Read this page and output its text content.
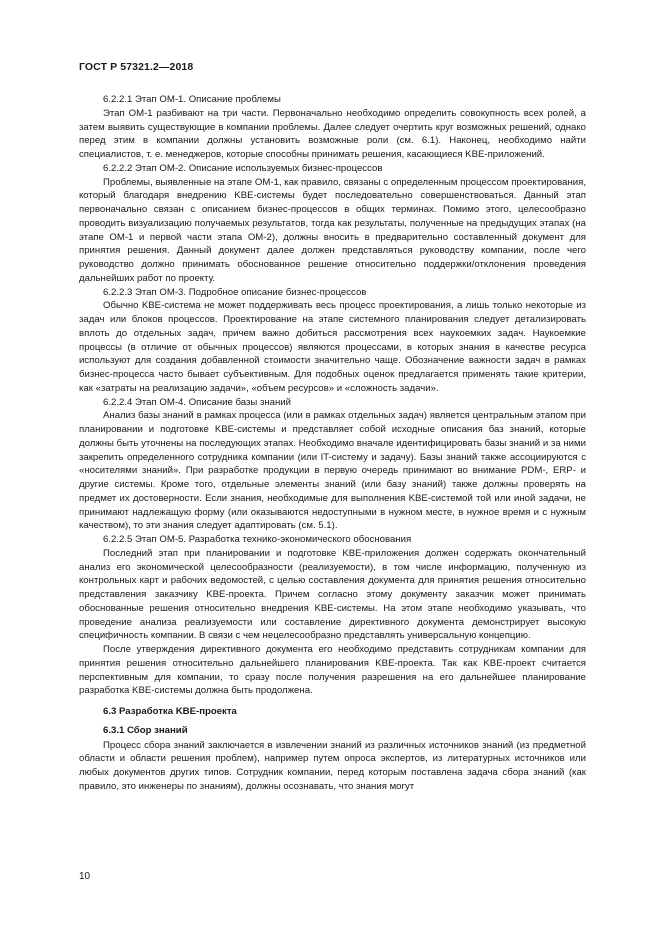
ГОСТ Р 57321.2—2018

6.2.2.1 Этап ОМ-1. Описание проблемы

Этап ОМ-1 разбивают на три части. Первоначально необходимо определить совокупность всех ролей, а затем выявить существующие в компании проблемы. Далее следует очертить круг возможных решений, однако перед этим в компании должны установить возможные роли (см. 6.1). Наконец, необходимо найти специалистов, т. е. менеджеров, которые способны принимать решения, касающиеся KBE-приложений.

6.2.2.2 Этап ОМ-2. Описание используемых бизнес-процессов

Проблемы, выявленные на этапе ОМ-1, как правило, связаны с определенным процессом проектирования, который благодаря внедрению KBE-системы будет последовательно совершенствоваться. Данный этап первоначально связан с описанием бизнес-процессов в общих терминах. Помимо этого, целесообразно проводить визуализацию получаемых результатов, тогда как результаты, полученные на предыдущих этапах (на этапе ОМ-1 и первой части этапа ОМ-2), должны вносить в предварительно составленный документ для принятия решения. Данный документ далее должен представляться руководству компании, после чего руководство должно принимать обоснованное решение относительно поддержки/отклонения проведения дальнейших работ по проекту.

6.2.2.3 Этап ОМ-3. Подробное описание бизнес-процессов

Обычно KBE-система не может поддерживать весь процесс проектирования, а лишь только некоторые из задач или блоков процессов. Проектирование на этапе системного планирования следует детализировать вплоть до отдельных задач, причем важно добиться рассмотрения всех наукоемких задач. Наукоемкие процессы (в отличие от обычных процессов) являются процессами, в которых знания в качестве ресурса используют для создания добавленной стоимости значительно чаще. Обозначение важности задач в рамках бизнес-процесса часто бывает субъективным. Для подобных оценок предлагается применять такие критерии, как «затраты на реализацию задачи», «объем ресурсов» и «сложность задачи».

6.2.2.4 Этап ОМ-4. Описание базы знаний

Анализ базы знаний в рамках процесса (или в рамках отдельных задач) является центральным этапом при планировании и подготовке KBE-системы и представляет собой исходные описания баз знаний, которые должны быть уточнены на последующих этапах. Необходимо вначале идентифицировать базы знаний и за ними закрепить определенного сотрудника компании (или IT-систему и задачу). Базы знаний также ассоциируются с «носителями знаний». При разработке продукции в первую очередь принимают во внимание PDM-, ERP- и другие системы. Кроме того, отдельные элементы знаний (или базу знаний) также должны проверять на предмет их достоверности. Если знания, необходимые для выполнения KBE-системой той или иной задачи, не принимают надлежащую форму (или оказываются недоступными в нужном месте, в нужное время и с нужным качеством), то эти знания следует адаптировать (см. 5.1).

6.2.2.5 Этап ОМ-5. Разработка технико-экономического обоснования

Последний этап при планировании и подготовке KBE-приложения должен содержать окончательный анализ его экономической целесообразности (реализуемости), в том числе информацию, полученную из контрольных карт и рабочих ведомостей, с целью составления документа для принятия решения относительно представления заказчику KBE-проекта. Причем согласно этому документу заказчик может принимать обоснованные решения относительно внедрения KBE-системы. На этом этапе необходимо указывать, что проведение анализа реализуемости или составление директивного документа демонстрирует высокую специфичность компании. В связи с чем нецелесообразно представлять универсальную концепцию.

После утверждения директивного документа его необходимо представить сотрудникам компании для принятия решения относительно дальнейшего планирования KBE-проекта. Так как KBE-проект считается перспективным для компании, то сразу после получения разрешения на его дальнейшее планирование разработка KBE-системы должна быть продолжена.

6.3 Разработка KBE-проекта
6.3.1 Сбор знаний

Процесс сбора знаний заключается в извлечении знаний из различных источников знаний (из предметной области и области решения проблем), например путем опроса экспертов, из литературных источников или любых документов других типов. Сотрудник компании, перед которым поставлена задача сбора знаний (как правило, это инженеры по знаниям), должны осознавать, что знания могут

10
